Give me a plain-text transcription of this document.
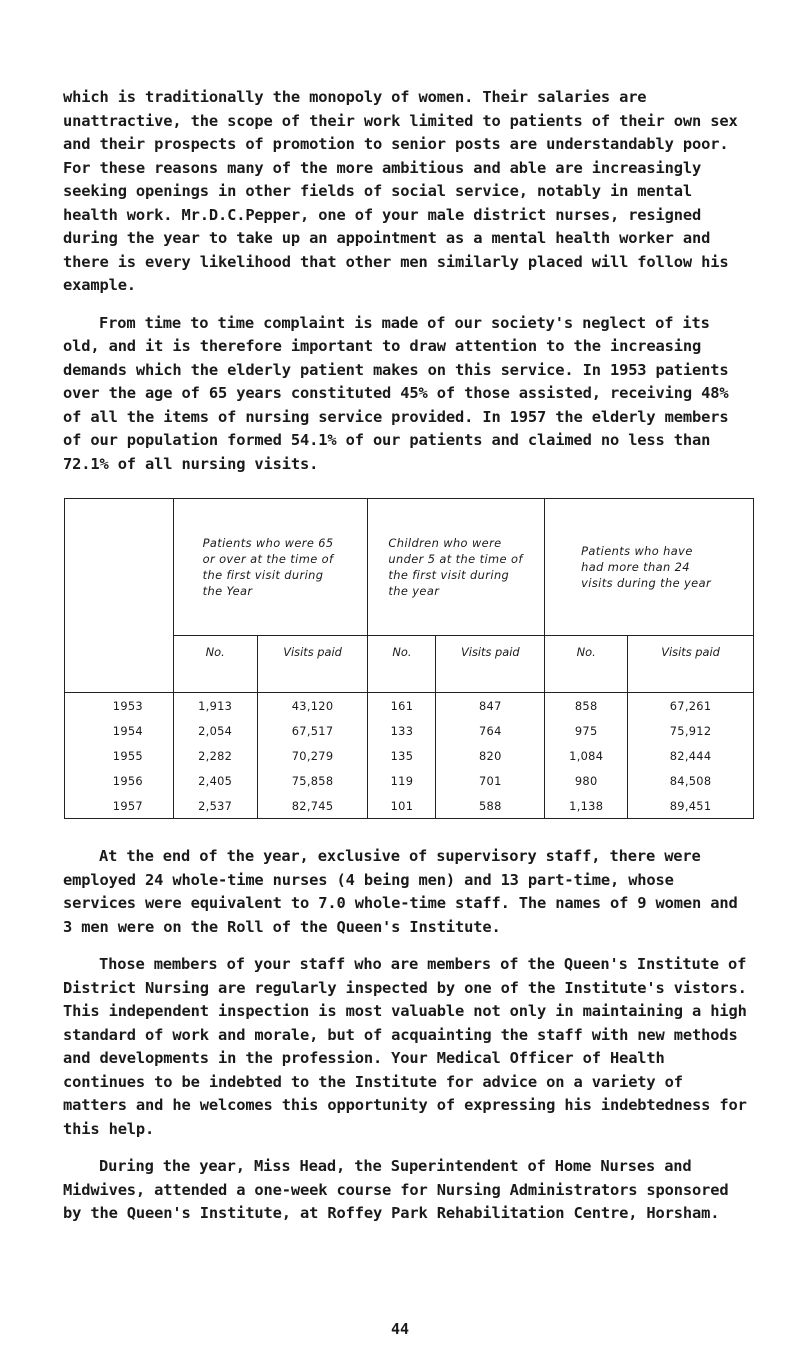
which is traditionally the monopoly of women. Their salaries are unattractive, the scope of their work limited to patients of their own sex and their prospects of promotion to senior posts are understandably poor. For these reasons many of the more ambitious and able are increasingly seeking openings in other fields of social service, notably in mental health work. Mr.D.C.Pepper, one of your male district nurses, resigned during the year to take up an appointment as a mental health worker and there is every likelihood that other men similarly placed will follow his example.

From time to time complaint is made of our society's neglect of its old, and it is therefore important to draw attention to the increasing demands which the elderly patient makes on this service. In 1953 patients over the age of 65 years constituted 45% of those assisted, receiving 48% of all the items of nursing service provided. In 1957 the elderly members of our population formed 54.1% of our patients and claimed no less than 72.1% of all nursing visits.

	Patients who were 65 or over at the time of the first visit during the Year		Children who were under 5 at the time of the first visit during the year		Patients who have had more than 24 visits during the year	

	No.	Visits paid	No.	Visits paid	No.	Visits paid
1953	1,913	43,120	161	847	858	67,261
1954	2,054	67,517	133	764	975	75,912
1955	2,282	70,279	135	820	1,084	82,444
1956	2,405	75,858	119	701	980	84,508
1957	2,537	82,745	101	588	1,138	89,451

At the end of the year, exclusive of supervisory staff, there were employed 24 whole-time nurses (4 being men) and 13 part-time, whose services were equivalent to 7.0 whole-time staff. The names of 9 women and 3 men were on the Roll of the Queen's Institute.

Those members of your staff who are members of the Queen's Institute of District Nursing are regularly inspected by one of the Institute's vistors. This independent inspection is most valuable not only in maintaining a high standard of work and morale, but of acquainting the staff with new methods and developments in the profession. Your Medical Officer of Health continues to be indebted to the Institute for advice on a variety of matters and he welcomes this opportunity of expressing his indebtedness for this help.

During the year, Miss Head, the Superintendent of Home Nurses and Midwives, attended a one-week course for Nursing Administrators sponsored by the Queen's Institute, at Roffey Park Rehabilitation Centre, Horsham.

44
